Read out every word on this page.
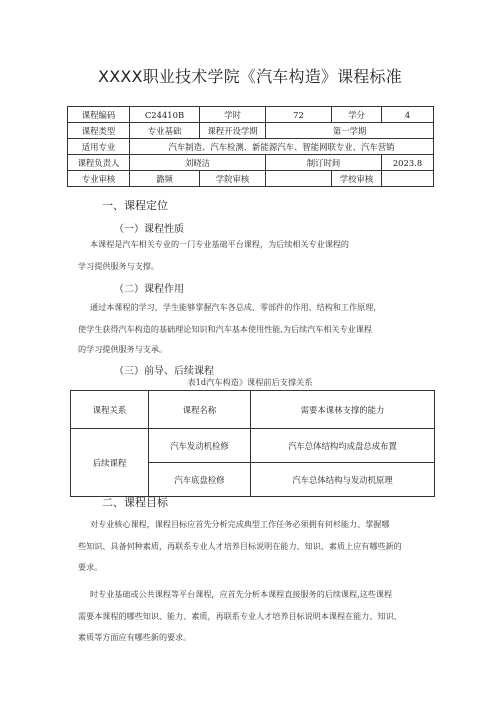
XXXX职业技术学院《汽车构造》课程标准
课程编码	C24410B	学时	72	学分	4
课程类型	专业基础	课程开设学期	第一学期		
适用专业	汽车制造、汽车检测、新能源汽车、智能网联专业、汽车营销				
课程负责人	刘晓洁		制订时间		2023.8
专业审核	潞频	学院审核		学校审核	
一、课程定位
（一）课程性质
本课程是汽车相关专业的一门专业基础平台课程，为后续相关专业课程的
学习提供服务与支撑。
（二）课程作用
通过本课程的学习，学生能够掌握汽车各总成、零部件的作用、结构和工作原理，
使学生获得汽车构造的基础理论知识和汽车基本使用性能,为后续汽车相关专业课程
的学习提供服务与支承。
（三）前导、后续课程
表1d汽车构造》课程前后支撑关系
课程关系	课程名称	需要本课林支撑的能力
后续课程	汽车发动机检修	汽车总体结构均成盘总成布置
	汽车底盘检修	汽车总体结构与发动机原理
二、课程目标
对专业核心课程，课程目标应首先分析完成典型工作任务必须拥有何杉能力、掌握哪
些知识、具备何种素质，再联系专业人才培养目标说明在能力、知识、素质上应有哪些新的
要求。
时专业基础或公共课程等平台课程，应首先分析本课程直接服务的后续课程,这些课程
需要本课程的哪些知识、能力、素质，再联系专业人才培养目标说明本课程在能力、知识、
素质等方面应有哪些新的要求。
